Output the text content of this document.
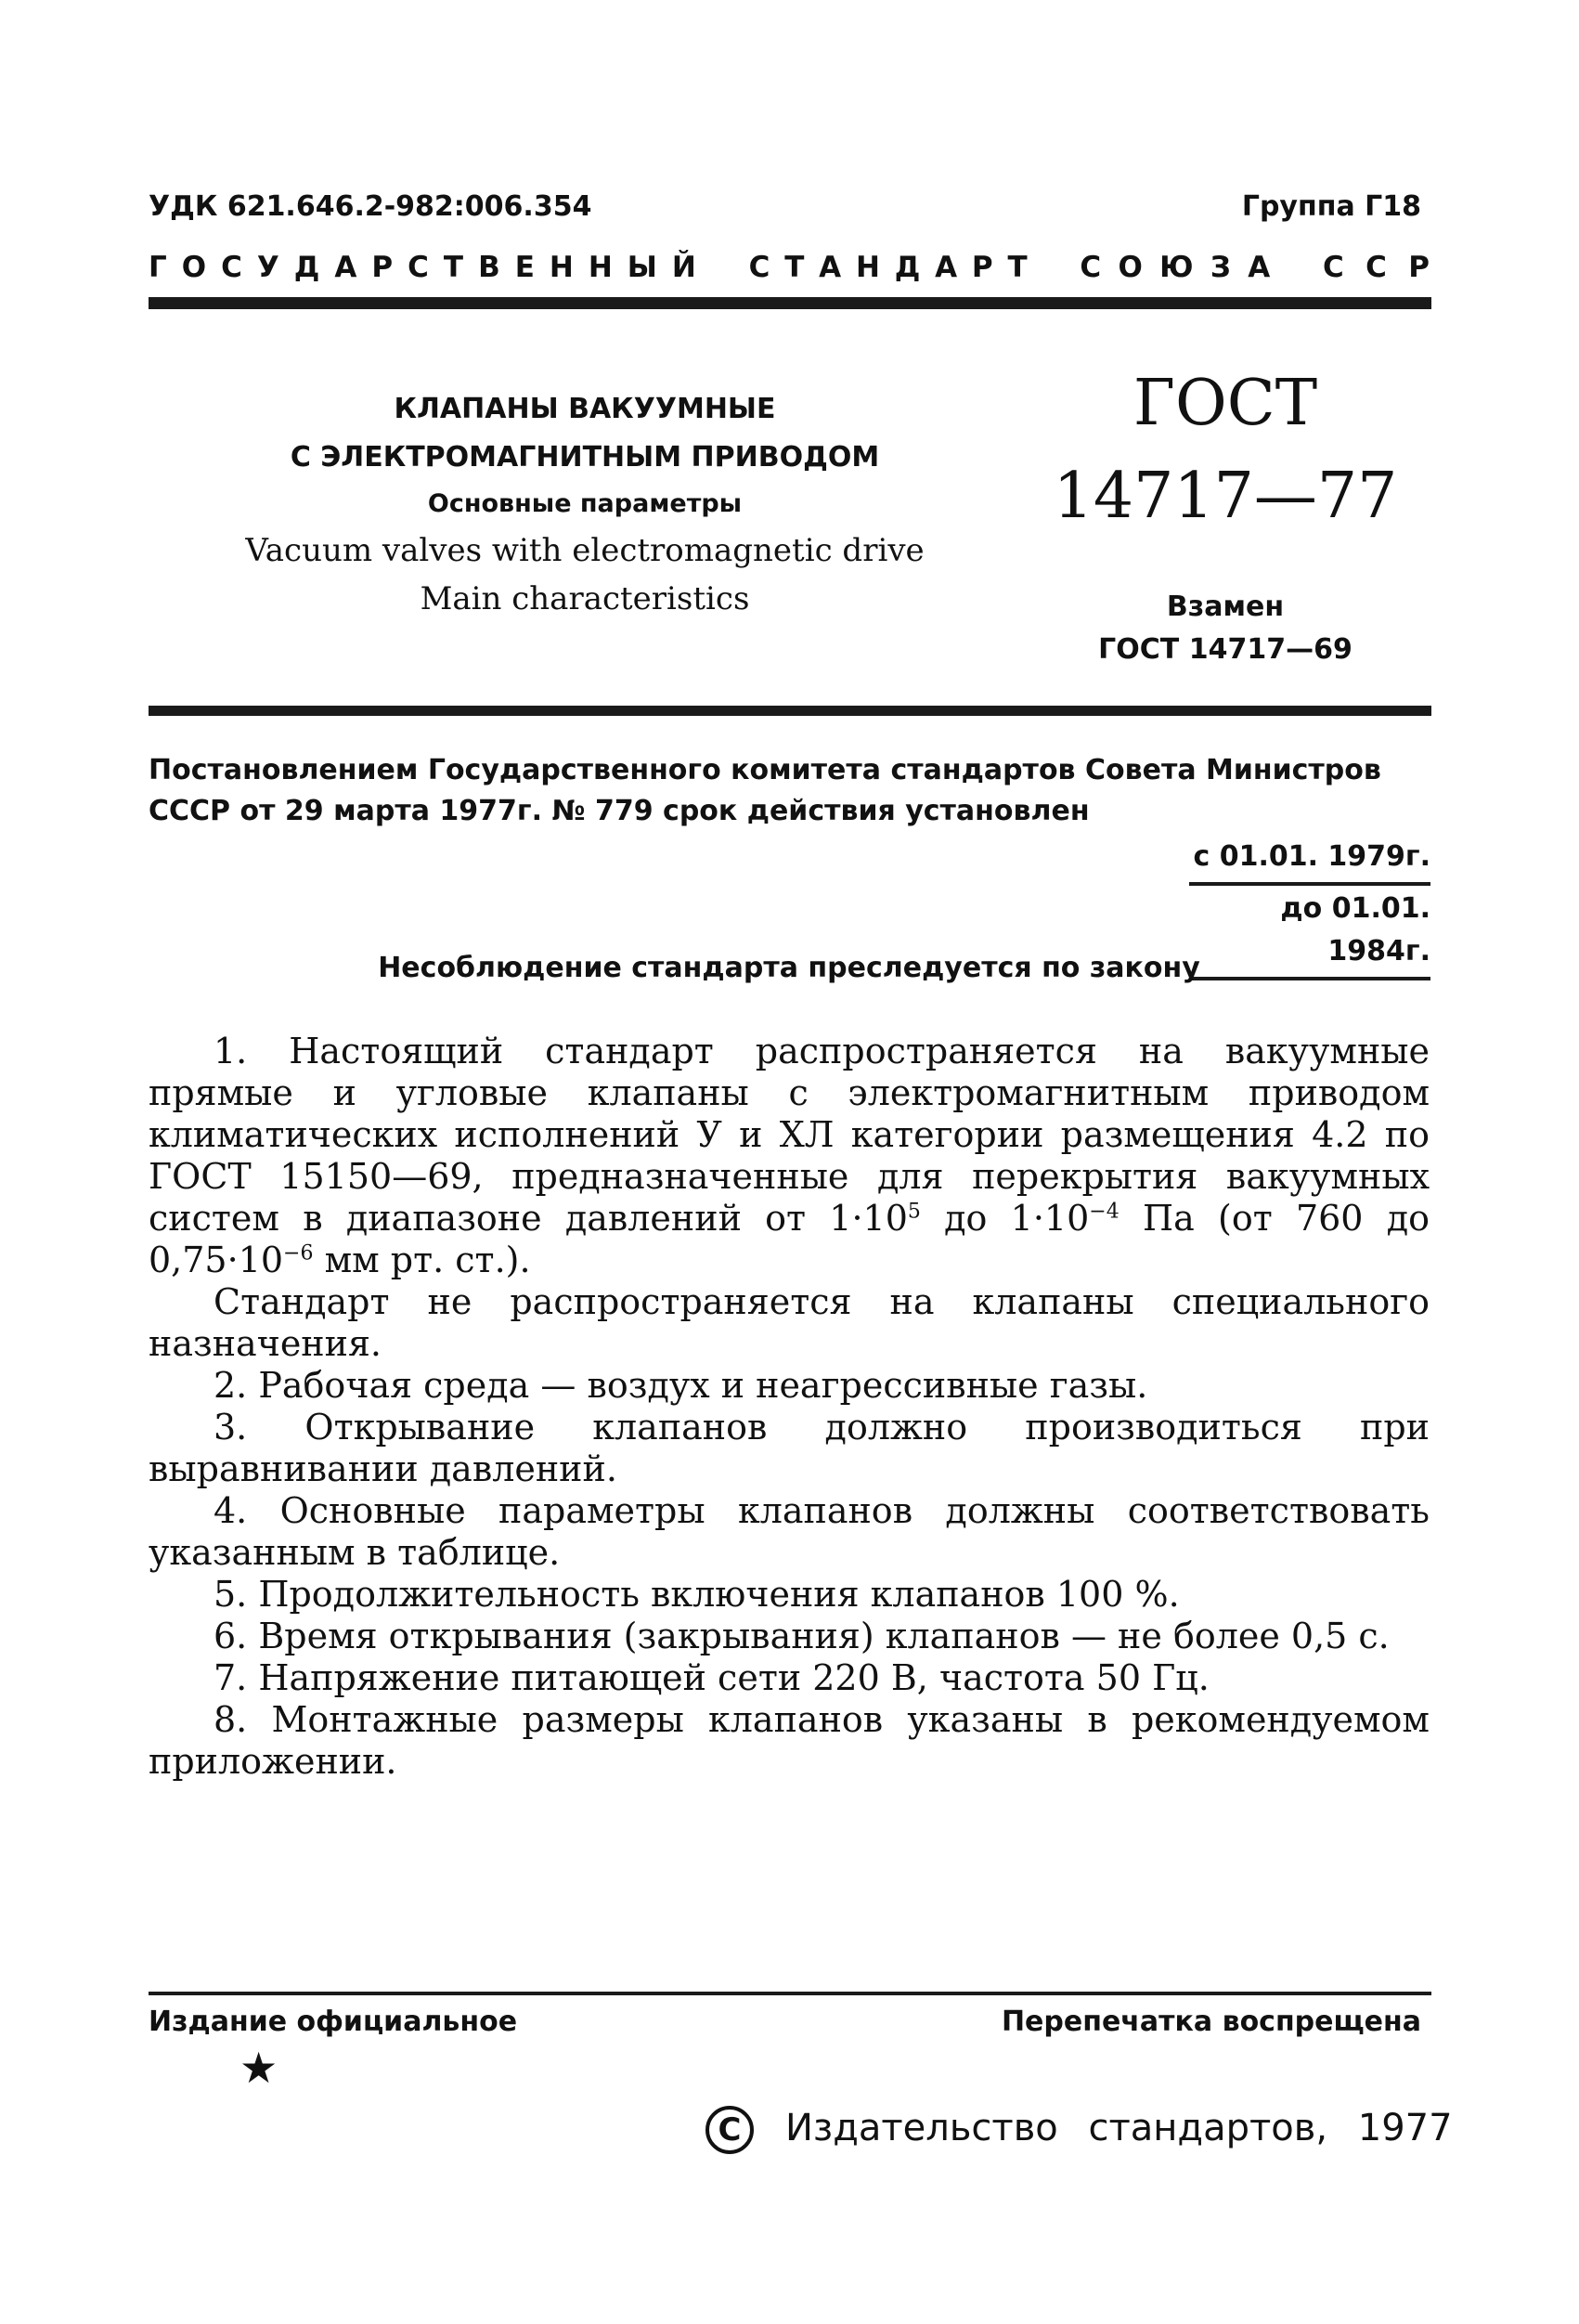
УДК 621.646.2-982:006.354	Группа Г18
Г О С У Д А Р С Т В Е Н Н Ы Й С Т А Н Д А Р Т С О Ю З А С С Р
КЛАПАНЫ ВАКУУМНЫЕ
С ЭЛЕКТРОМАГНИТНЫМ ПРИВОДОМ
Основные параметры
Vacuum valves with electromagnetic drive
Main characteristics
ГОСТ
14717—77
Взамен
ГОСТ 14717—69
Постановлением Государственного комитета стандартов Совета Министров СССР от 29 марта 1977г. № 779 срок действия установлен
с 01.01. 1979г.
до 01.01. 1984г.
Несоблюдение стандарта преследуется по закону

1. Настоящий стандарт распространяется на вакуумные прямые и угловые клапаны с электромагнитным приводом климатических исполнений У и ХЛ категории размещения 4.2 по ГОСТ 15150—69, предназначенные для перекрытия вакуумных систем в диапазоне давлений от $1\cdot 10^5$ до $1\cdot 10^{-4}$ Па (от 760 до $0,75\cdot 10^{-6}$ мм рт. ст.).

Стандарт не распространяется на клапаны специального назначения.

2. Рабочая среда — воздух и неагрессивные газы.

3. Открывание клапанов должно производиться при выравнивании давлений.

4. Основные параметры клапанов должны соответствовать указанным в таблице.

5. Продолжительность включения клапанов 100 %.

6. Время открывания (закрывания) клапанов — не более 0,5 с.

7. Напряжение питающей сети 220 В, частота 50 Гц.

8. Монтажные размеры клапанов указаны в рекомендуемом приложении.

Издание официальное	Перепечатка воспрещена
★
C Издательство стандартов, 1977
